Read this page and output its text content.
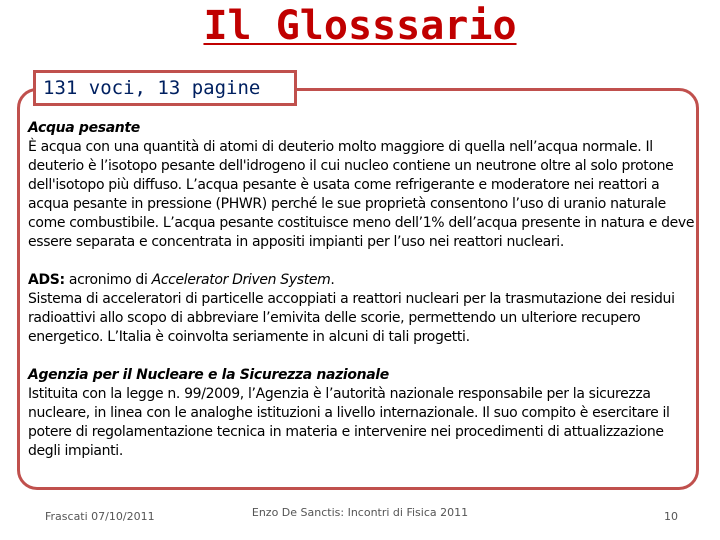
Il Glosssario
131 voci, 13 pagine

Acqua pesante

È acqua con una quantità di atomi di deuterio molto maggiore di quella nell’acqua normale. Il deuterio è l’isotopo pesante dell'idrogeno il cui nucleo contiene un neutrone oltre al solo protone dell'isotopo più diffuso. L’acqua pesante è usata come refrigerante e moderatore nei reattori a acqua pesante in pressione (PHWR) perché le sue proprietà consentono l’uso di uranio naturale come combustibile. L’acqua pesante costituisce meno dell’1% dell’acqua presente in natura e deve essere separata e concentrata in appositi impianti per l’uso nei reattori nucleari.

ADS: acronimo di Accelerator Driven System.

Sistema di acceleratori di particelle accoppiati a reattori nucleari per la trasmutazione dei residui radioattivi allo scopo di abbreviare l’emivita delle scorie, permettendo un ulteriore recupero energetico. L’Italia è coinvolta seriamente in alcuni di tali progetti.

Agenzia per il Nucleare e la Sicurezza nazionale

Istituita con la legge n. 99/2009, l’Agenzia è l’autorità nazionale responsabile per la sicurezza nucleare, in linea con le analoghe istituzioni a livello internazionale. Il suo compito è esercitare il potere di regolamentazione tecnica in materia e intervenire nei procedimenti di attualizzazione degli impianti.

Frascati 07/10/2011	Enzo De Sanctis: Incontri di Fisica 2011	10
